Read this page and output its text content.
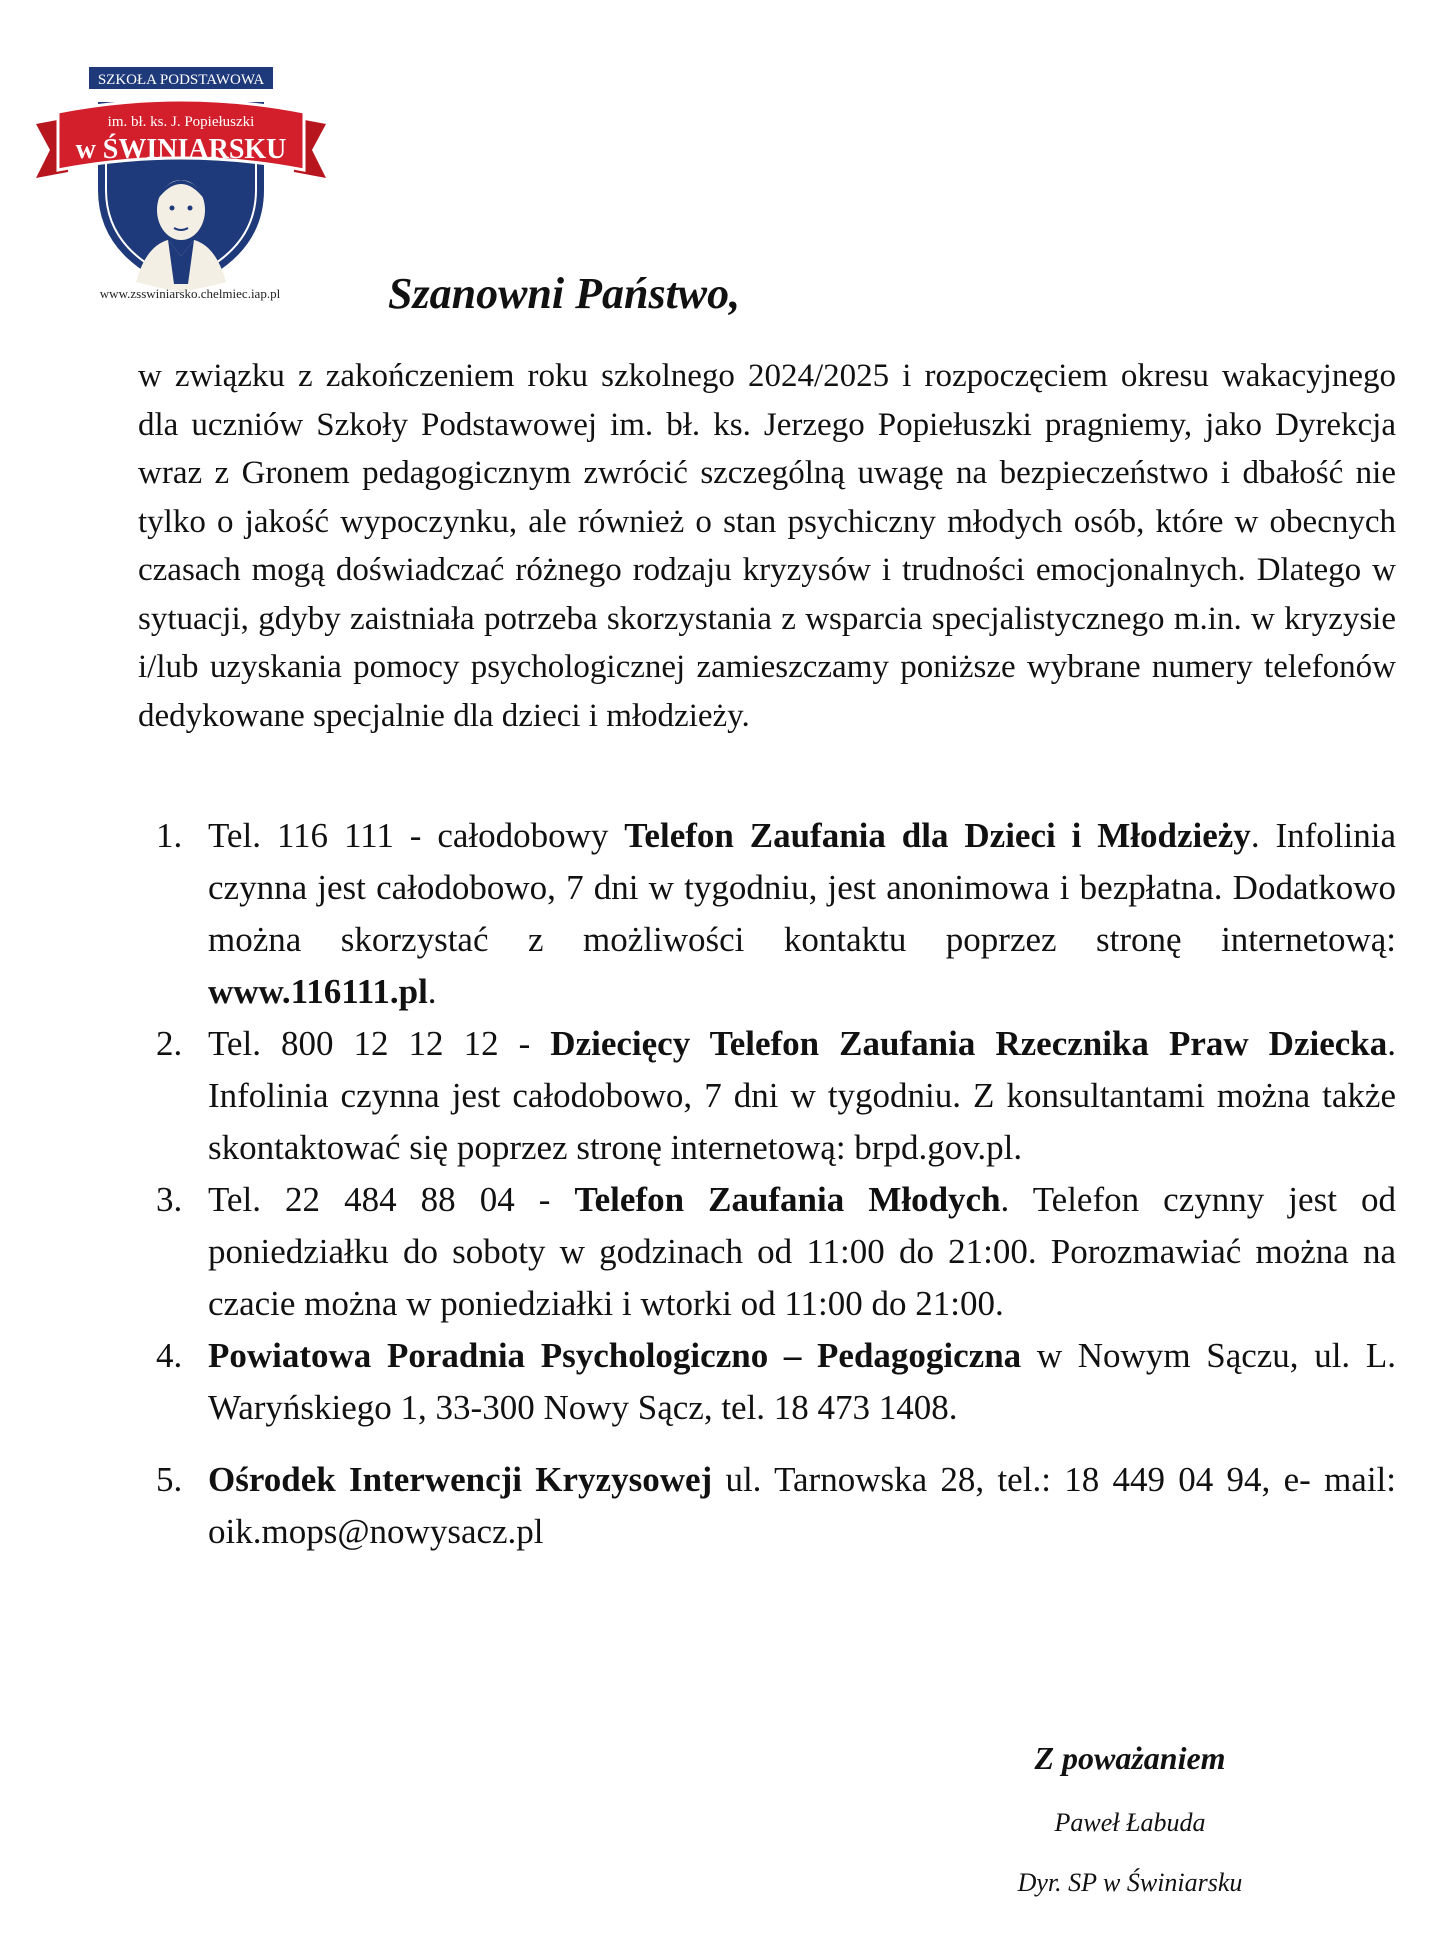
SZKOŁA PODSTAWOWA
im. bł. ks. J. Popiełuszki
w ŚWINIARSKU
www.zsswiniarsko.chelmiec.iap.pl	Szanowni Państwo,

w związku z zakończeniem roku szkolnego 2024/2025 i rozpoczęciem okresu wakacyjnego dla uczniów Szkoły Podstawowej im. bł. ks. Jerzego Popiełuszki pragniemy, jako Dyrekcja wraz z Gronem pedagogicznym zwrócić szczególną uwagę na bezpieczeństwo i dbałość nie tylko o jakość wypoczynku, ale również o stan psychiczny młodych osób, które w obecnych czasach mogą doświadczać różnego rodzaju kryzysów i trudności emocjonalnych. Dlatego w sytuacji, gdyby zaistniała potrzeba skorzystania z wsparcia specjalistycznego m.in. w kryzysie i/lub uzyskania pomocy psychologicznej zamieszczamy poniższe wybrane numery telefonów dedykowane specjalnie dla dzieci i młodzieży.

1. Tel. 116 111 - całodobowy Telefon Zaufania dla Dzieci i Młodzieży. Infolinia czynna jest całodobowo, 7 dni w tygodniu, jest anonimowa i bezpłatna. Dodatkowo można skorzystać z możliwości kontaktu poprzez stronę internetową: www.116111.pl.
2. Tel. 800 12 12 12 - Dziecięcy Telefon Zaufania Rzecznika Praw Dziecka. Infolinia czynna jest całodobowo, 7 dni w tygodniu. Z konsultantami można także skontaktować się poprzez stronę internetową: brpd.gov.pl.
3. Tel. 22 484 88 04 - Telefon Zaufania Młodych. Telefon czynny jest od poniedziałku do soboty w godzinach od 11:00 do 21:00. Porozmawiać można na czacie można w poniedziałki i wtorki od 11:00 do 21:00.
4. Powiatowa Poradnia Psychologiczno – Pedagogiczna w Nowym Sączu, ul. L. Waryńskiego 1, 33-300 Nowy Sącz, tel. 18 473 1408.
5. Ośrodek Interwencji Kryzysowej ul. Tarnowska 28, tel.: 18 449 04 94, e- mail: oik.mops@nowysacz.pl
Z poważaniem
Paweł Łabuda
Dyr. SP w Świniarsku
